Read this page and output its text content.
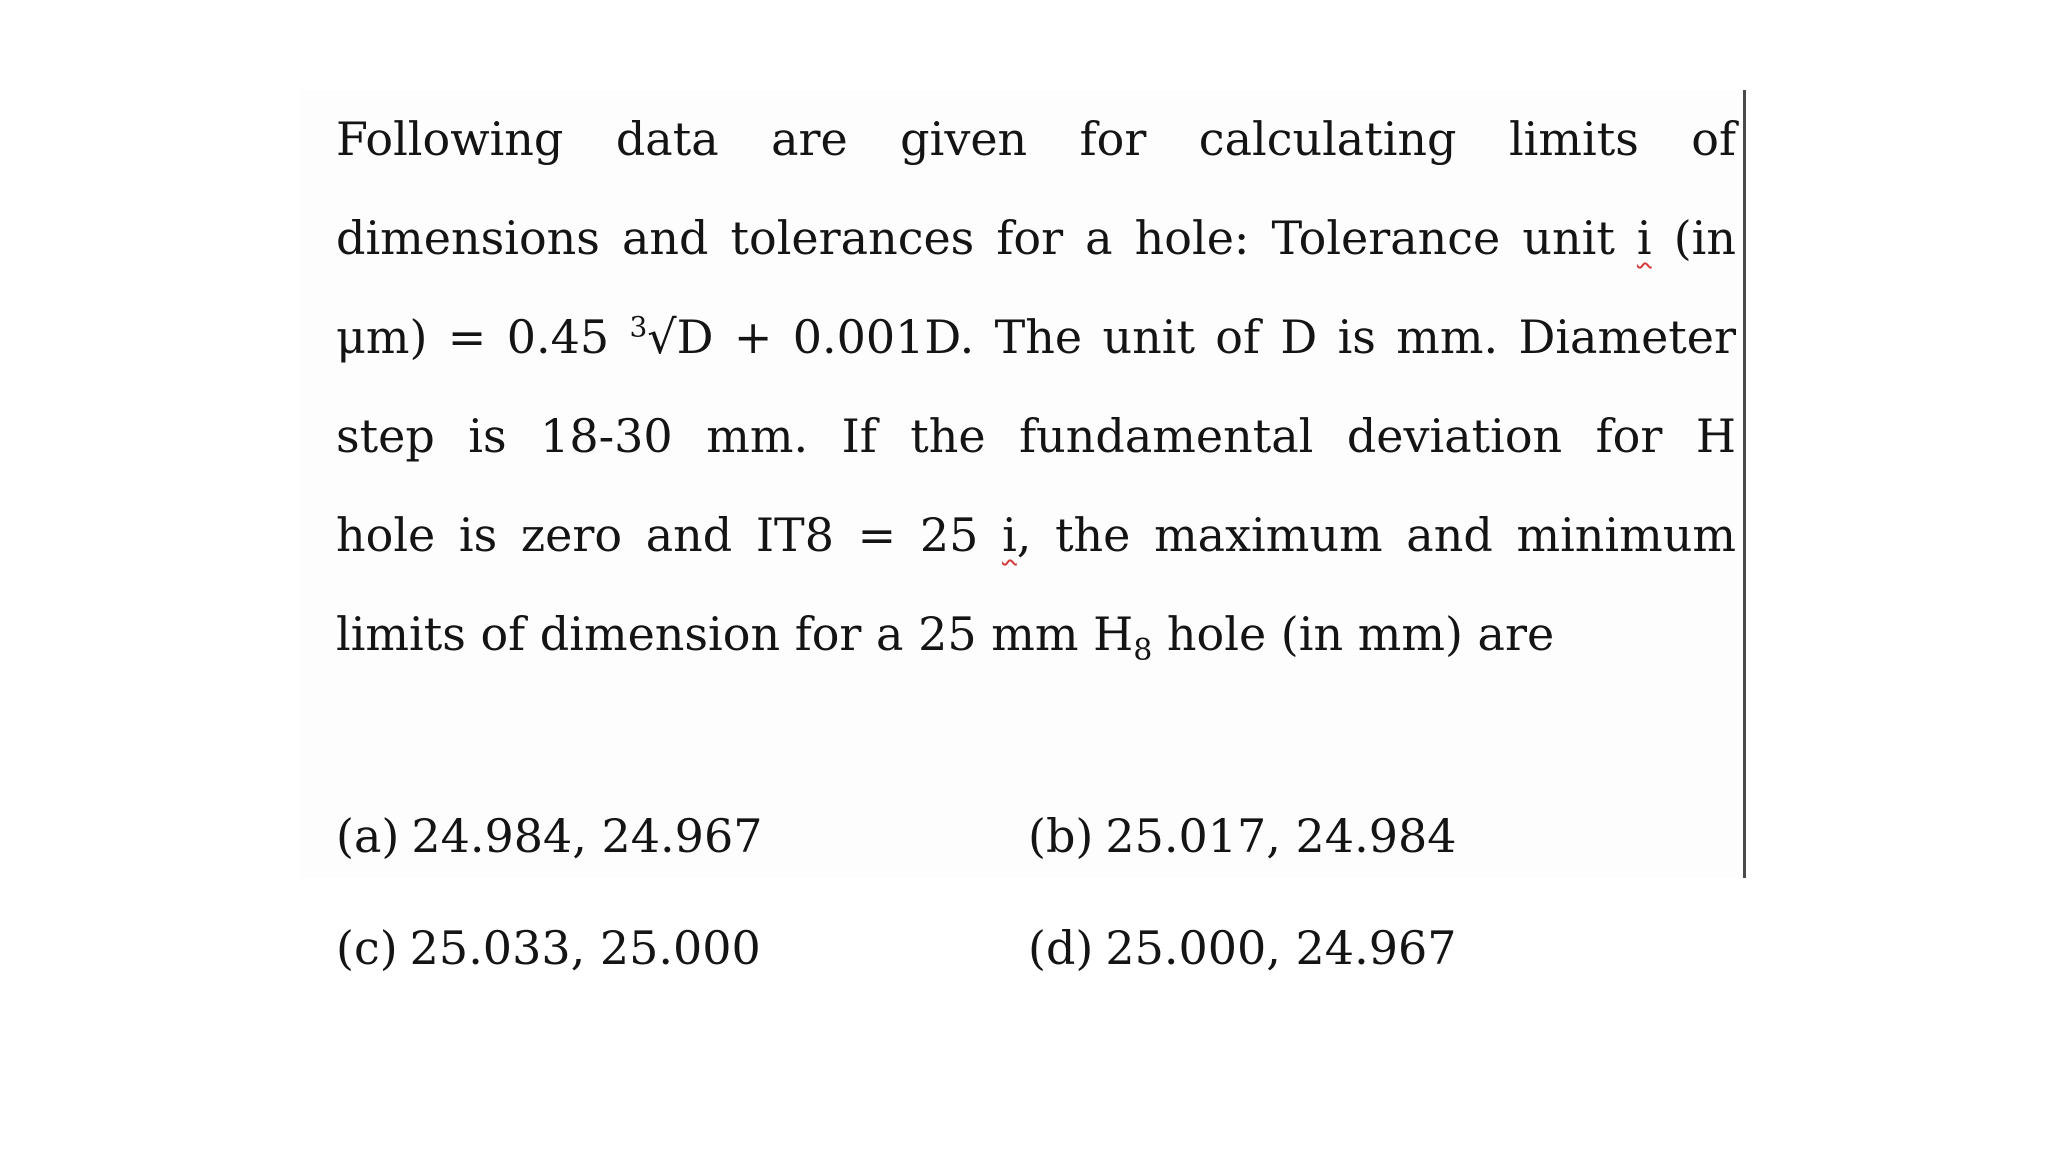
Following data are given for calculating limits of
dimensions and tolerances for a hole: Tolerance unit i (in
μm) = 0.45 $^3$√D + 0.001D. The unit of D is mm. Diameter
step is 18-30 mm. If the fundamental deviation for H
hole is zero and IT8 = 25 i, the maximum and minimum
limits of dimension for a 25 mm $H_8$ hole (in mm) are
(a) 24.984, 24.967	(b) 25.017, 24.984
(c) 25.033, 25.000	(d) 25.000, 24.967
